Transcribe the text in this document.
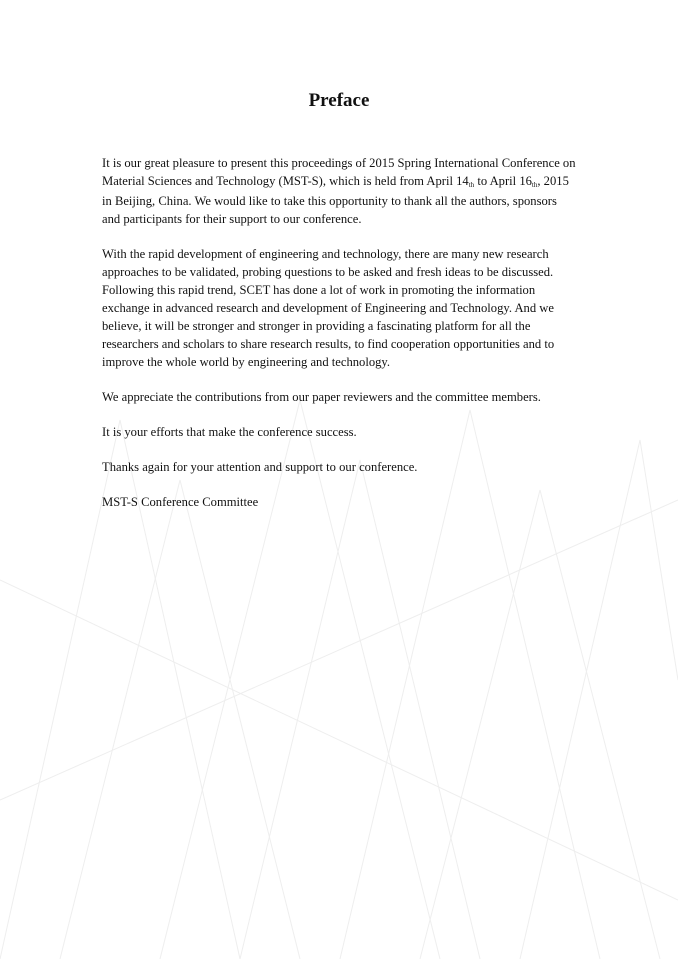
Preface

It is our great pleasure to present this proceedings of 2015 Spring International Conference on Material Sciences and Technology (MST-S), which is held from April 14th to April 16th, 2015 in Beijing, China. We would like to take this opportunity to thank all the authors, sponsors and participants for their support to our conference.

With the rapid development of engineering and technology, there are many new research approaches to be validated, probing questions to be asked and fresh ideas to be discussed. Following this rapid trend, SCET has done a lot of work in promoting the information exchange in advanced research and development of Engineering and Technology. And we believe, it will be stronger and stronger in providing a fascinating platform for all the researchers and scholars to share research results, to find cooperation opportunities and to improve the whole world by engineering and technology.

We appreciate the contributions from our paper reviewers and the committee members.

It is your efforts that make the conference success.

Thanks again for your attention and support to our conference.

MST-S Conference Committee
